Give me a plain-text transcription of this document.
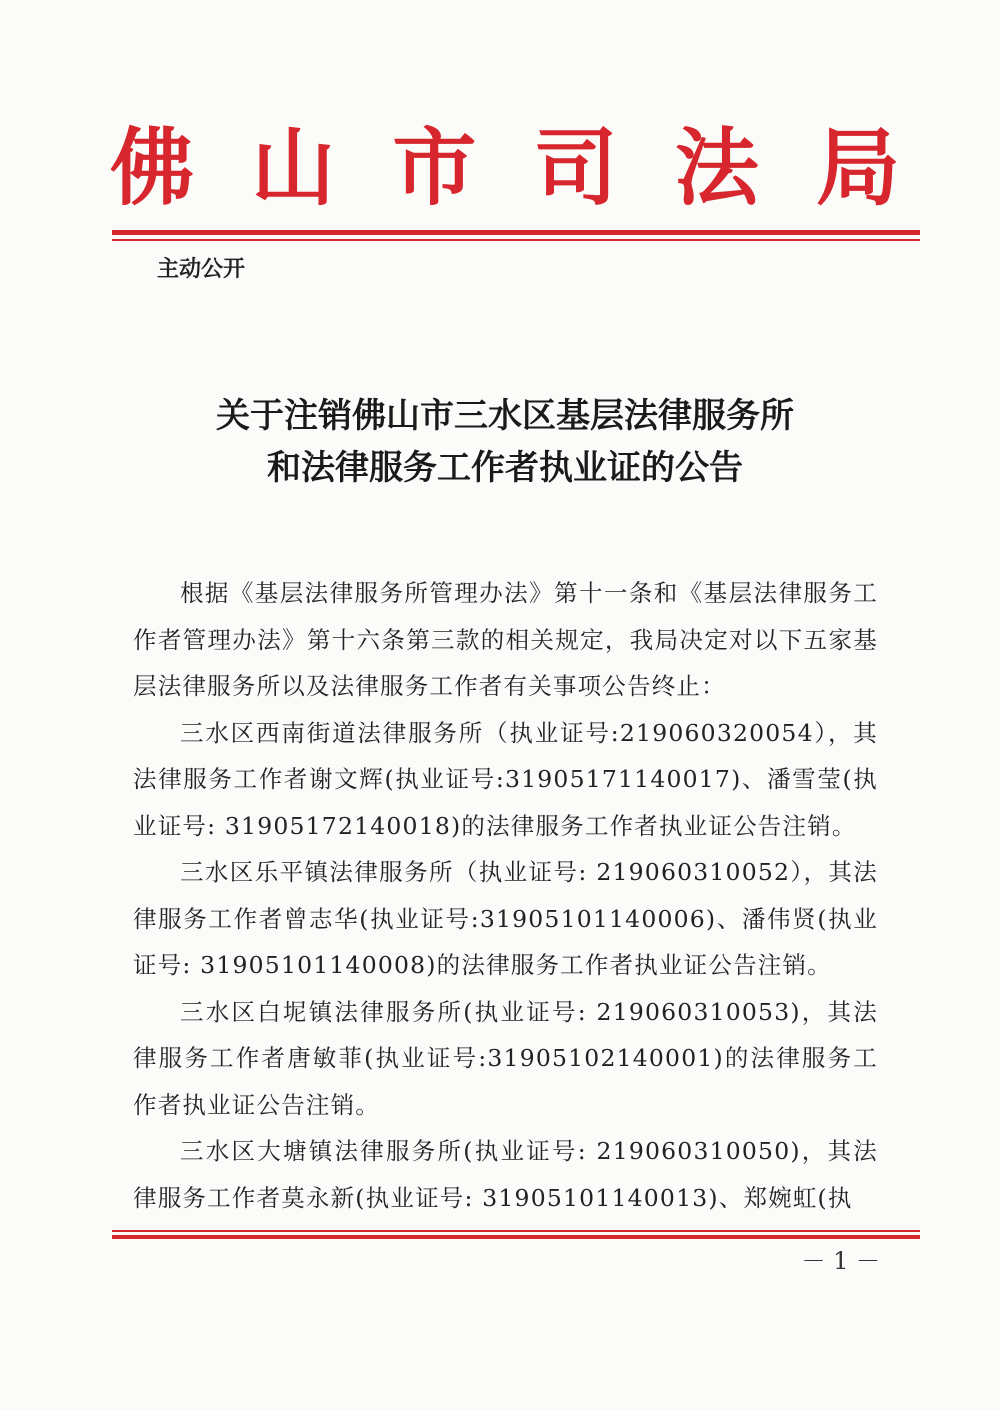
佛 山 市 司 法 局
主动公开
关于注销佛山市三水区基层法律服务所
和法律服务工作者执业证的公告

根据《基层法律服务所管理办法》第十一条和《基层法律服务工作者管理办法》第十六条第三款的相关规定，我局决定对以下五家基层法律服务所以及法律服务工作者有关事项公告终止：

三水区西南街道法律服务所（执业证号:219060320054），其法律服务工作者谢文辉(执业证号:31905171140017)、潘雪莹(执业证号: 31905172140018)的法律服务工作者执业证公告注销。

三水区乐平镇法律服务所（执业证号: 219060310052），其法律服务工作者曾志华(执业证号:31905101140006)、潘伟贤(执业证号: 31905101140008)的法律服务工作者执业证公告注销。

三水区白坭镇法律服务所(执业证号: 219060310053)，其法律服务工作者唐敏菲(执业证号:31905102140001)的法律服务工作者执业证公告注销。

三水区大塘镇法律服务所(执业证号: 219060310050)，其法律服务工作者莫永新(执业证号: 31905101140013)、郑婉虹(执

－ 1 －
